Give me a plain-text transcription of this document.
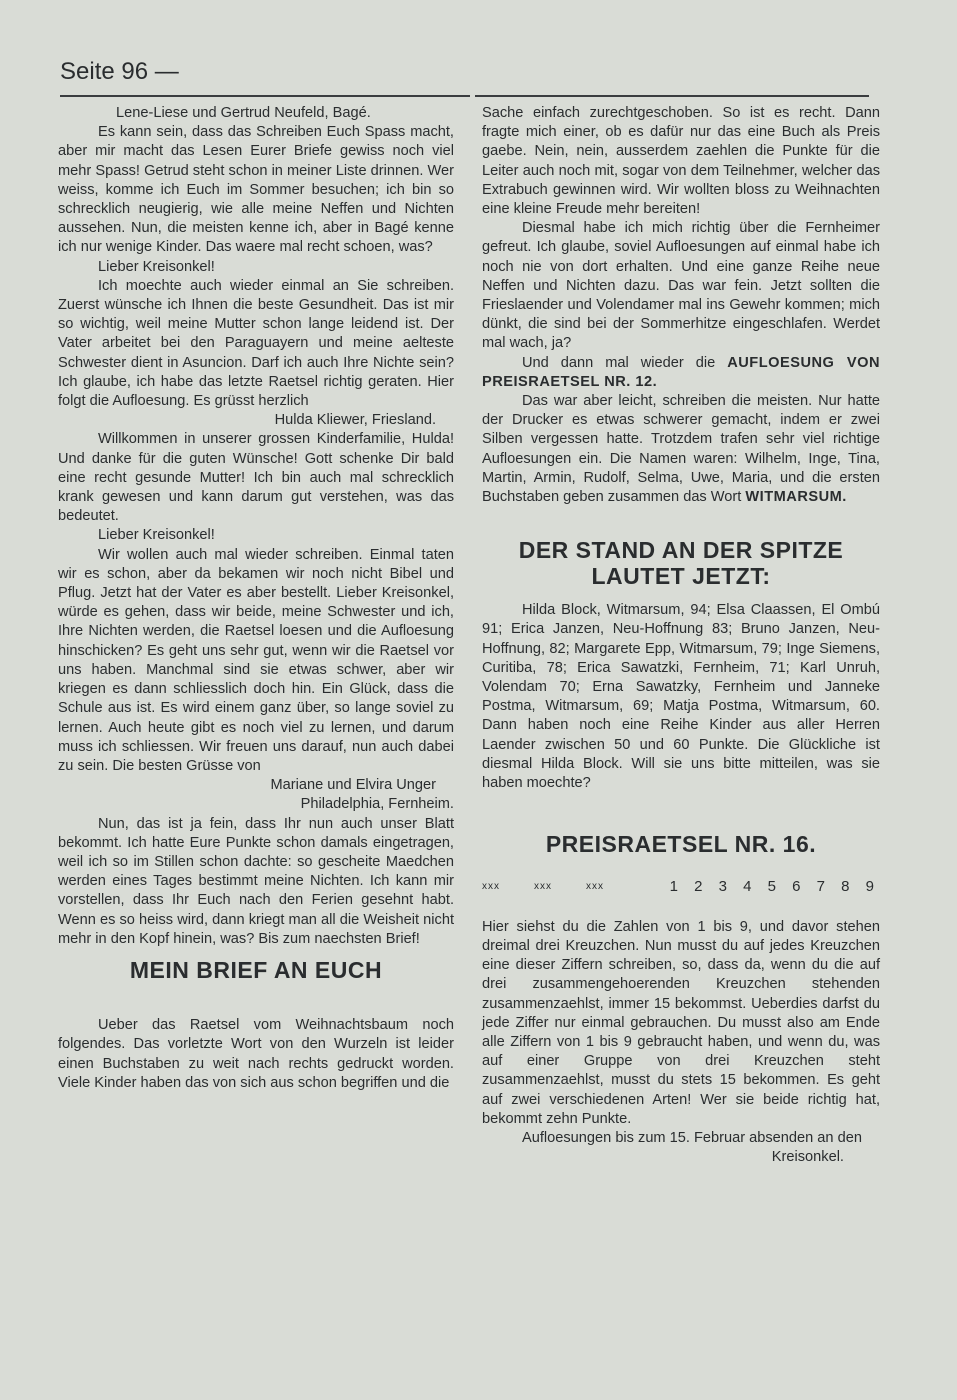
Seite 96 —

Lene-Liese und Gertrud Neufeld, Bagé.

Es kann sein, dass das Schreiben Euch Spass macht, aber mir macht das Lesen Eurer Briefe gewiss noch viel mehr Spass! Getrud steht schon in meiner Liste drinnen. Wer weiss, komme ich Euch im Sommer besuchen; ich bin so schrecklich neugierig, wie alle meine Neffen und Nichten aussehen. Nun, die meisten kenne ich, aber in Bagé kenne ich nur wenige Kinder. Das waere mal recht schoen, was?

Lieber Kreisonkel!

Ich moechte auch wieder einmal an Sie schreiben. Zuerst wünsche ich Ihnen die beste Gesundheit. Das ist mir so wichtig, weil meine Mutter schon lange leidend ist. Der Vater arbeitet bei den Paraguayern und meine aelteste Schwester dient in Asuncion. Darf ich auch Ihre Nichte sein? Ich glaube, ich habe das letzte Raetsel richtig geraten. Hier folgt die Aufloesung. Es grüsst herzlich

Hulda Kliewer, Friesland.

Willkommen in unserer grossen Kinderfamilie, Hulda! Und danke für die guten Wünsche! Gott schenke Dir bald eine recht gesunde Mutter! Ich bin auch mal schrecklich krank gewesen und kann darum gut verstehen, was das bedeutet.

Lieber Kreisonkel!

Wir wollen auch mal wieder schreiben. Einmal taten wir es schon, aber da bekamen wir noch nicht Bibel und Pflug. Jetzt hat der Vater es aber bestellt. Lieber Kreisonkel, würde es gehen, dass wir beide, meine Schwester und ich, Ihre Nichten werden, die Raetsel loesen und die Aufloesung hinschicken? Es geht uns sehr gut, wenn wir die Raetsel vor uns haben. Manchmal sind sie etwas schwer, aber wir kriegen es dann schliesslich doch hin. Ein Glück, dass die Schule aus ist. Es wird einem ganz über, so lange soviel zu lernen. Auch heute gibt es noch viel zu lernen, und darum muss ich schliessen. Wir freuen uns darauf, nun auch dabei zu sein. Die besten Grüsse von

Mariane und Elvira Unger

Philadelphia, Fernheim.

Nun, das ist ja fein, dass Ihr nun auch unser Blatt bekommt. Ich hatte Eure Punkte schon damals eingetragen, weil ich so im Stillen schon dachte: so gescheite Maedchen werden eines Tages bestimmt meine Nichten. Ich kann mir vorstellen, dass Ihr Euch nach den Ferien gesehnt habt. Wenn es so heiss wird, dann kriegt man all die Weisheit nicht mehr in den Kopf hinein, was? Bis zum naechsten Brief!

MEIN BRIEF AN EUCH

Ueber das Raetsel vom Weihnachtsbaum noch folgendes. Das vorletzte Wort von den Wurzeln ist leider einen Buchstaben zu weit nach rechts gedruckt worden. Viele Kinder haben das von sich aus schon begriffen und die

Sache einfach zurechtgeschoben. So ist es recht. Dann fragte mich einer, ob es dafür nur das eine Buch als Preis gaebe. Nein, nein, ausserdem zaehlen die Punkte für die Leiter auch noch mit, sogar von dem Teilnehmer, welcher das Extrabuch gewinnen wird. Wir wollten bloss zu Weihnachten eine kleine Freude mehr bereiten!

Diesmal habe ich mich richtig über die Fernheimer gefreut. Ich glaube, soviel Aufloesungen auf einmal habe ich noch nie von dort erhalten. Und eine ganze Reihe neue Neffen und Nichten dazu. Das war fein. Jetzt sollten die Frieslaender und Volendamer mal ins Gewehr kommen; mich dünkt, die sind bei der Sommerhitze eingeschlafen. Werdet mal wach, ja?

Und dann mal wieder die AUFLOESUNG VON PREISRAETSEL NR. 12.

Das war aber leicht, schreiben die meisten. Nur hatte der Drucker es etwas schwerer gemacht, indem er zwei Silben vergessen hatte. Trotzdem trafen sehr viel richtige Aufloesungen ein. Die Namen waren: Wilhelm, Inge, Tina, Martin, Armin, Rudolf, Selma, Uwe, Maria, und die ersten Buchstaben geben zusammen das Wort WITMARSUM.

DER STAND AN DER SPITZE
LAUTET JETZT:

Hilda Block, Witmarsum, 94; Elsa Claassen, El Ombú 91; Erica Janzen, Neu-Hoffnung 83; Bruno Janzen, Neu-Hoffnung, 82; Margarete Epp, Witmarsum, 79; Inge Siemens, Curitiba, 78; Erica Sawatzki, Fernheim, 71; Karl Unruh, Volendam 70; Erna Sawatzky, Fernheim und Janneke Postma, Witmarsum, 69; Matja Postma, Witmarsum, 60. Dann haben noch eine Reihe Kinder aus aller Herren Laender zwischen 50 und 60 Punkte. Die Glückliche ist diesmal Hilda Block. Will sie uns bitte mitteilen, was sie haben moechte?

PREISRAETSEL NR. 16.
xxx	xxx	xxx	1 2 3 4 5 6 7 8 9

Hier siehst du die Zahlen von 1 bis 9, und davor stehen dreimal drei Kreuzchen. Nun musst du auf jedes Kreuzchen eine dieser Ziffern schreiben, so, dass da, wenn du die auf drei zusammengehoerenden Kreuzchen stehenden zusammenzaehlst, immer 15 bekommst. Ueberdies darfst du jede Ziffer nur einmal gebrauchen. Du musst also am Ende alle Ziffern von 1 bis 9 gebraucht haben, und wenn du, was auf einer Gruppe von drei Kreuzchen steht zusammenzaehlst, musst du stets 15 bekommen. Es geht auf zwei verschiedenen Arten! Wer sie beide richtig hat, bekommt zehn Punkte.

Aufloesungen bis zum 15. Februar absenden an den

Kreisonkel.
